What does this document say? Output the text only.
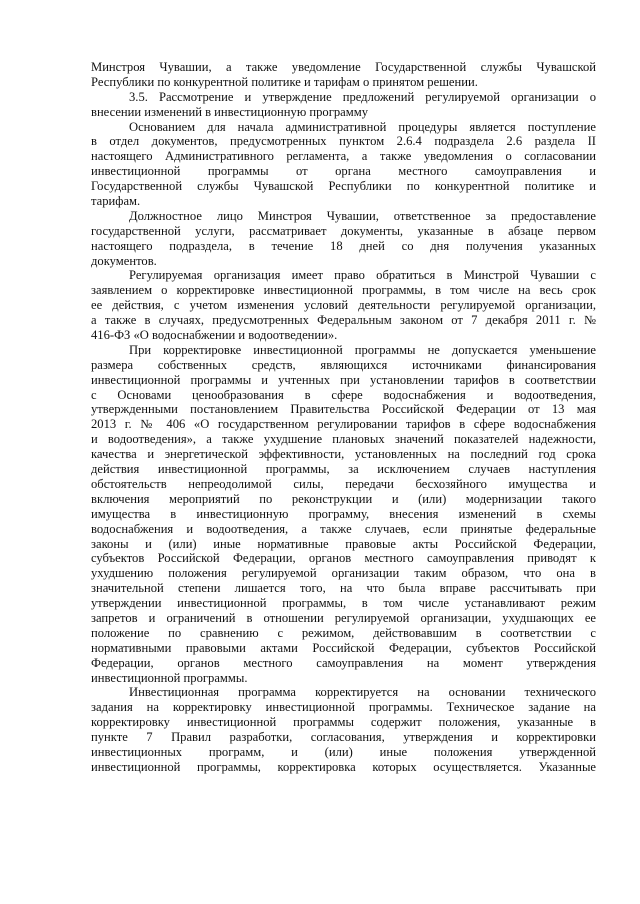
Минстроя Чувашии, а также уведомление Государственной службы Чувашской
Республики по конкурентной политике и тарифам о принятом решении.
3.5. Рассмотрение и утверждение предложений регулируемой организации о
внесении изменений в инвестиционную программу
Основанием для начала административной процедуры является поступление
в отдел документов, предусмотренных пунктом 2.6.4 подраздела 2.6 раздела II
настоящего Административного регламента, а также уведомления о согласовании
инвестиционной программы от органа местного самоуправления и
Государственной службы Чувашской Республики по конкурентной политике и
тарифам.
Должностное лицо Минстроя Чувашии, ответственное за предоставление
государственной услуги, рассматривает документы, указанные в абзаце первом
настоящего подраздела, в течение 18 дней со дня получения указанных
документов.
Регулируемая организация имеет право обратиться в Минстрой Чувашии с
заявлением о корректировке инвестиционной программы, в том числе на весь срок
ее действия, с учетом изменения условий деятельности регулируемой организации,
а также в случаях, предусмотренных Федеральным законом от 7 декабря 2011 г. №
416-ФЗ «О водоснабжении и водоотведении».
При корректировке инвестиционной программы не допускается уменьшение
размера собственных средств, являющихся источниками финансирования
инвестиционной программы и учтенных при установлении тарифов в соответствии
с Основами ценообразования в сфере водоснабжения и водоотведения,
утвержденными постановлением Правительства Российской Федерации от 13 мая
2013 г. № 406 «О государственном регулировании тарифов в сфере водоснабжения
и водоотведения», а также ухудшение плановых значений показателей надежности,
качества и энергетической эффективности, установленных на последний год срока
действия инвестиционной программы, за исключением случаев наступления
обстоятельств непреодолимой силы, передачи бесхозяйного имущества и
включения мероприятий по реконструкции и (или) модернизации такого
имущества в инвестиционную программу, внесения изменений в схемы
водоснабжения и водоотведения, а также случаев, если принятые федеральные
законы и (или) иные нормативные правовые акты Российской Федерации,
субъектов Российской Федерации, органов местного самоуправления приводят к
ухудшению положения регулируемой организации таким образом, что она в
значительной степени лишается того, на что была вправе рассчитывать при
утверждении инвестиционной программы, в том числе устанавливают режим
запретов и ограничений в отношении регулируемой организации, ухудшающих ее
положение по сравнению с режимом, действовавшим в соответствии с
нормативными правовыми актами Российской Федерации, субъектов Российской
Федерации, органов местного самоуправления на момент утверждения
инвестиционной программы.
Инвестиционная программа корректируется на основании технического
задания на корректировку инвестиционной программы. Техническое задание на
корректировку инвестиционной программы содержит положения, указанные в
пункте 7 Правил разработки, согласования, утверждения и корректировки
инвестиционных программ, и (или) иные положения утвержденной
инвестиционной программы, корректировка которых осуществляется. Указанные
